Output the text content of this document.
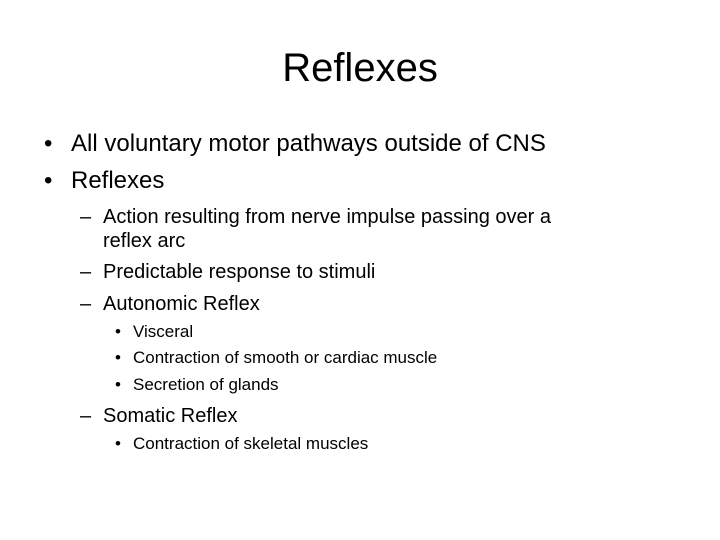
Reflexes
• All voluntary motor pathways outside of CNS
• Reflexes
– Action resulting from nerve impulse passing over a
reflex arc
– Predictable response to stimuli
– Autonomic Reflex
• Visceral
• Contraction of smooth or cardiac muscle
• Secretion of glands
– Somatic Reflex
• Contraction of skeletal muscles
